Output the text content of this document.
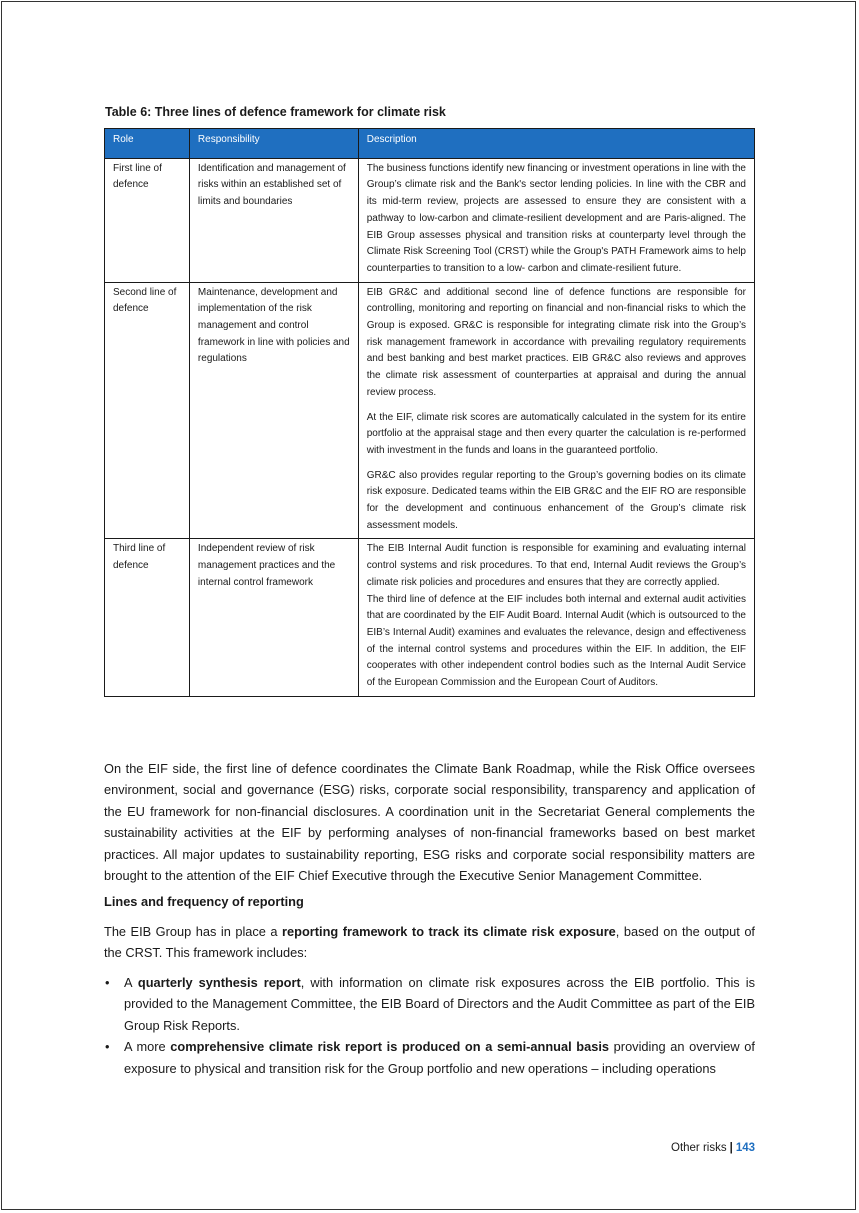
Table 6: Three lines of defence framework for climate risk
Role	Responsibility	Description
First line of defence	Identification and management of risks within an established set of limits and boundaries	The business functions identify new financing or investment operations in line with the Group’s climate risk and the Bank's sector lending policies. In line with the CBR and its mid-term review, projects are assessed to ensure they are consistent with a pathway to low-carbon and climate-resilient development and are Paris-aligned. The EIB Group assesses physical and transition risks at counterparty level through the Climate Risk Screening Tool (CRST) while the Group's PATH Framework aims to help counterparties to transition to a low- carbon and climate-resilient future.

Second line of defence	Maintenance, development and implementation of the risk management and control framework in line with policies and regulations	EIB GR&C and additional second line of defence functions are responsible for controlling, monitoring and reporting on financial and non-financial risks to which the Group is exposed. GR&C is responsible for integrating climate risk into the Group’s risk management framework in accordance with prevailing regulatory requirements and best banking and best market practices. EIB GR&C also reviews and approves the climate risk assessment of counterparties at appraisal and during the annual review process.

At the EIF, climate risk scores are automatically calculated in the system for its entire portfolio at the appraisal stage and then every quarter the calculation is re-performed with investment in the funds and loans in the guaranteed portfolio.

GR&C also provides regular reporting to the Group’s governing bodies on its climate risk exposure. Dedicated teams within the EIB GR&C and the EIF RO are responsible for the development and continuous enhancement of the Group’s climate risk assessment models.

Third line of defence	Independent review of risk management practices and the internal control framework	The EIB Internal Audit function is responsible for examining and evaluating internal control systems and risk procedures. To that end, Internal Audit reviews the Group’s climate risk policies and procedures and ensures that they are correctly applied.

The third line of defence at the EIF includes both internal and external audit activities that are coordinated by the EIF Audit Board. Internal Audit (which is outsourced to the EIB’s Internal Audit) examines and evaluates the relevance, design and effectiveness of the internal control systems and procedures within the EIF. In addition, the EIF cooperates with other independent control bodies such as the Internal Audit Service of the European Commission and the European Court of Auditors.

On the EIF side, the first line of defence coordinates the Climate Bank Roadmap, while the Risk Office oversees environment, social and governance (ESG) risks, corporate social responsibility, transparency and application of the EU framework for non-financial disclosures. A coordination unit in the Secretariat General complements the sustainability activities at the EIF by performing analyses of non-financial frameworks based on best market practices. All major updates to sustainability reporting, ESG risks and corporate social responsibility matters are brought to the attention of the EIF Chief Executive through the Executive Senior Management Committee.

Lines and frequency of reporting

The EIB Group has in place a reporting framework to track its climate risk exposure, based on the output of the CRST. This framework includes:

• A quarterly synthesis report, with information on climate risk exposures across the EIB portfolio. This is provided to the Management Committee, the EIB Board of Directors and the Audit Committee as part of the EIB Group Risk Reports.
• A more comprehensive climate risk report is produced on a semi-annual basis providing an overview of exposure to physical and transition risk for the Group portfolio and new operations – including operations
Other risks | 143
